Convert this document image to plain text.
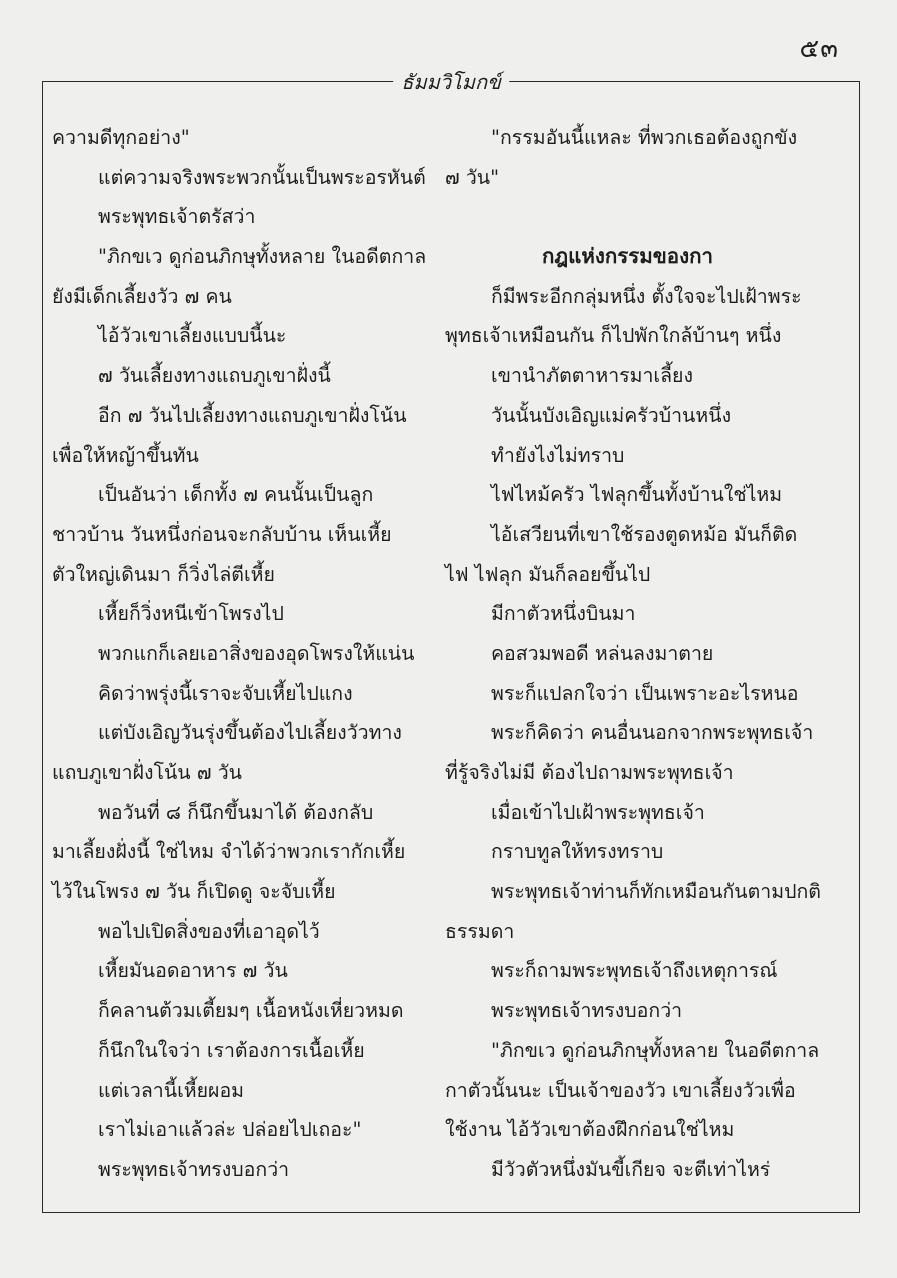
๕๓
ธัมมวิโมกข์
ความดีทุกอย่าง"
แต่ความจริงพระพวกนั้นเป็นพระอรหันต์
พระพุทธเจ้าตรัสว่า
"ภิกขเว ดูก่อนภิกษุทั้งหลาย ในอดีตกาล
ยังมีเด็กเลี้ยงวัว ๗ คน
ไอ้วัวเขาเลี้ยงแบบนี้นะ
๗ วันเลี้ยงทางแถบภูเขาฝั่งนี้
อีก ๗ วันไปเลี้ยงทางแถบภูเขาฝั่งโน้น
เพื่อให้หญ้าขึ้นทัน
เป็นอันว่า เด็กทั้ง ๗ คนนั้นเป็นลูก
ชาวบ้าน วันหนึ่งก่อนจะกลับบ้าน เห็นเหี้ย
ตัวใหญ่เดินมา ก็วิ่งไล่ตีเหี้ย
เหี้ยก็วิ่งหนีเข้าโพรงไป
พวกแกก็เลยเอาสิ่งของอุดโพรงให้แน่น
คิดว่าพรุ่งนี้เราจะจับเหี้ยไปแกง
แต่บังเอิญวันรุ่งขึ้นต้องไปเลี้ยงวัวทาง
แถบภูเขาฝั่งโน้น ๗ วัน
พอวันที่ ๘ ก็นึกขึ้นมาได้ ต้องกลับ
มาเลี้ยงฝั่งนี้ ใช่ไหม จำได้ว่าพวกเรากักเหี้ย
ไว้ในโพรง ๗ วัน ก็เปิดดู จะจับเหี้ย
พอไปเปิดสิ่งของที่เอาอุดไว้
เหี้ยมันอดอาหาร ๗ วัน
ก็คลานต้วมเตี้ยมๆ เนื้อหนังเหี่ยวหมด
ก็นึกในใจว่า เราต้องการเนื้อเหี้ย
แต่เวลานี้เหี้ยผอม
เราไม่เอาแล้วล่ะ ปล่อยไปเถอะ"
พระพุทธเจ้าทรงบอกว่า
"กรรมอันนี้แหละ ที่พวกเธอต้องถูกขัง
๗ วัน"
กฎแห่งกรรมของกา
ก็มีพระอีกกลุ่มหนึ่ง ตั้งใจจะไปเฝ้าพระ
พุทธเจ้าเหมือนกัน ก็ไปพักใกล้บ้านๆ หนึ่ง
เขานำภัตตาหารมาเลี้ยง
วันนั้นบังเอิญแม่ครัวบ้านหนึ่ง
ทำยังไงไม่ทราบ
ไฟไหม้ครัว ไฟลุกขึ้นทั้งบ้านใช่ไหม
ไอ้เสวียนที่เขาใช้รองตูดหม้อ มันก็ติด
ไฟ ไฟลุก มันก็ลอยขึ้นไป
มีกาตัวหนึ่งบินมา
คอสวมพอดี หล่นลงมาตาย
พระก็แปลกใจว่า เป็นเพราะอะไรหนอ
พระก็คิดว่า คนอื่นนอกจากพระพุทธเจ้า
ที่รู้จริงไม่มี ต้องไปถามพระพุทธเจ้า
เมื่อเข้าไปเฝ้าพระพุทธเจ้า
กราบทูลให้ทรงทราบ
พระพุทธเจ้าท่านก็ทักเหมือนกันตามปกติ
ธรรมดา
พระก็ถามพระพุทธเจ้าถึงเหตุการณ์
พระพุทธเจ้าทรงบอกว่า
"ภิกขเว ดูก่อนภิกษุทั้งหลาย ในอดีตกาล
กาตัวนั้นนะ เป็นเจ้าของวัว เขาเลี้ยงวัวเพื่อ
ใช้งาน ไอ้วัวเขาต้องฝึกก่อนใช่ไหม
มีวัวตัวหนึ่งมันขี้เกียจ จะตีเท่าไหร่
